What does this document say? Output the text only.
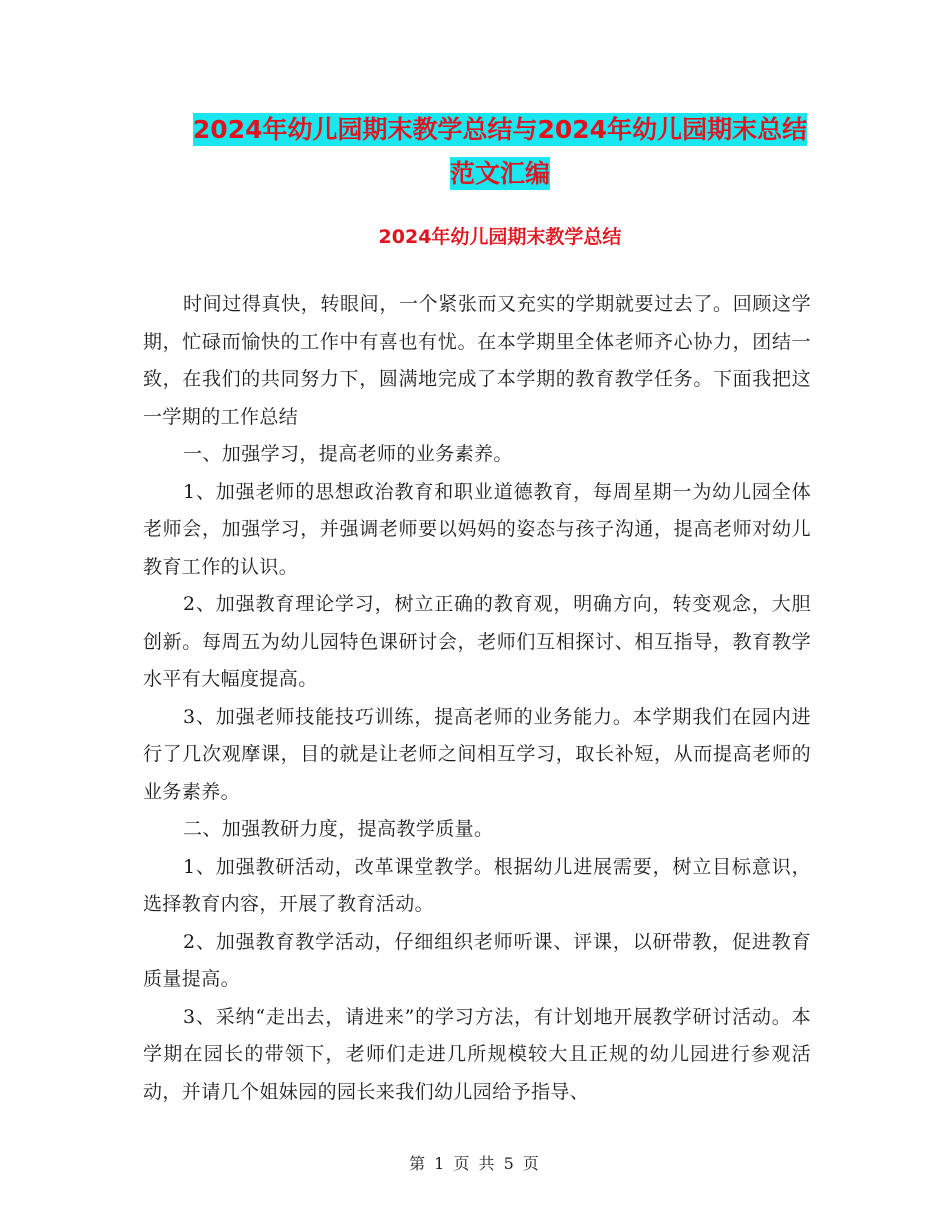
2024年幼儿园期末教学总结与2024年幼儿园期末总结
范文汇编
2024年幼儿园期末教学总结

时间过得真快，转眼间，一个紧张而又充实的学期就要过去了。回顾这学期，忙碌而愉快的工作中有喜也有忧。在本学期里全体老师齐心协力，团结一致，在我们的共同努力下，圆满地完成了本学期的教育教学任务。下面我把这一学期的工作总结

一、加强学习，提高老师的业务素养。

1、加强老师的思想政治教育和职业道德教育，每周星期一为幼儿园全体老师会，加强学习，并强调老师要以妈妈的姿态与孩子沟通，提高老师对幼儿教育工作的认识。

2、加强教育理论学习，树立正确的教育观，明确方向，转变观念，大胆创新。每周五为幼儿园特色课研讨会，老师们互相探讨、相互指导，教育教学水平有大幅度提高。

3、加强老师技能技巧训练，提高老师的业务能力。本学期我们在园内进行了几次观摩课，目的就是让老师之间相互学习，取长补短，从而提高老师的业务素养。

二、加强教研力度，提高教学质量。

1、加强教研活动，改革课堂教学。根据幼儿进展需要，树立目标意识，选择教育内容，开展了教育活动。

2、加强教育教学活动，仔细组织老师听课、评课，以研带教，促进教育质量提高。

3、采纳“走出去，请进来”的学习方法，有计划地开展教学研讨活动。本学期在园长的带领下，老师们走进几所规模较大且正规的幼儿园进行参观活动，并请几个姐妹园的园长来我们幼儿园给予指导、

第 1 页 共 5 页
